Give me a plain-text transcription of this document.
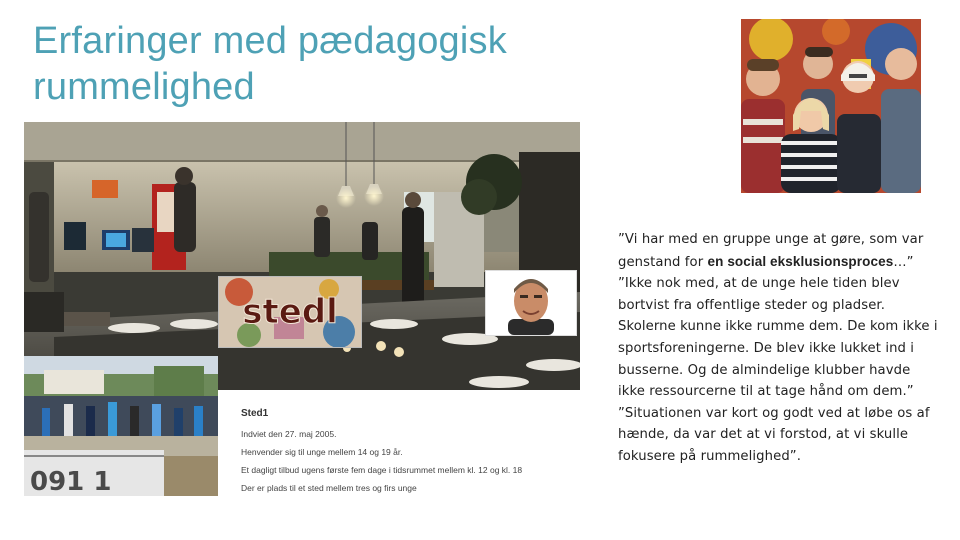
Erfaringer med pædagogisk
rummelighed
stedl
091 1
Sted1
Indviet den 27. maj 2005.
Henvender sig til unge mellem 14 og 19 år.
Et dagligt tilbud ugens første fem dage i tidsrummet mellem kl. 12 og kl. 18
Der er plads til et sted mellem tres og firs unge

”Vi har med en gruppe unge at gøre, som var genstand for en social eksklusionsproces…”

”Ikke nok med, at de unge hele tiden blev bortvist fra offentlige steder og pladser. Skolerne kunne ikke rumme dem. De kom ikke i sportsforeningerne. De blev ikke lukket ind i busserne. Og de almindelige klubber havde ikke ressourcerne til at tage hånd om dem.”

”Situationen var kort og godt ved at løbe os af hænde, da var det at vi forstod, at vi skulle fokusere på rummelighed”.
